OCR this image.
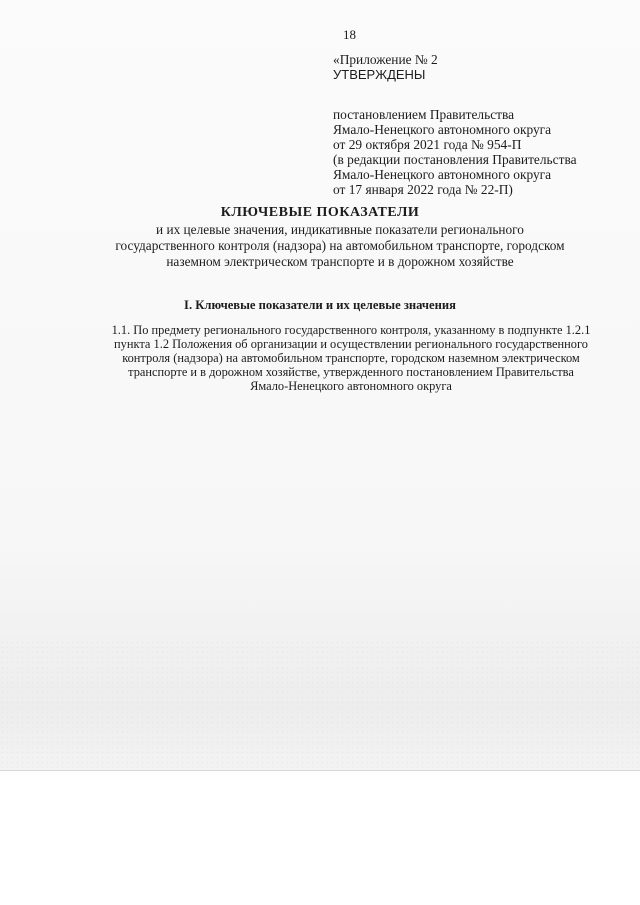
18
«Приложение № 2
УТВЕРЖДЕНЫ
постановлением Правительства
Ямало-Ненецкого автономного округа
от 29 октября 2021 года № 954-П
(в редакции постановления Правительства
Ямало-Ненецкого автономного округа
от 17 января 2022 года № 22-П)
КЛЮЧЕВЫЕ ПОКАЗАТЕЛИ
и их целевые значения, индикативные показатели регионального
государственного контроля (надзора) на автомобильном транспорте, городском
наземном электрическом транспорте и в дорожном хозяйстве
I. Ключевые показатели и их целевые значения
1.1. По предмету регионального государственного контроля, указанному в подпункте 1.2.1
пункта 1.2 Положения об организации и осуществлении регионального государственного
контроля (надзора) на автомобильном транспорте, городском наземном электрическом
транспорте и в дорожном хозяйстве, утвержденного постановлением Правительства
Ямало-Ненецкого автономного округа
